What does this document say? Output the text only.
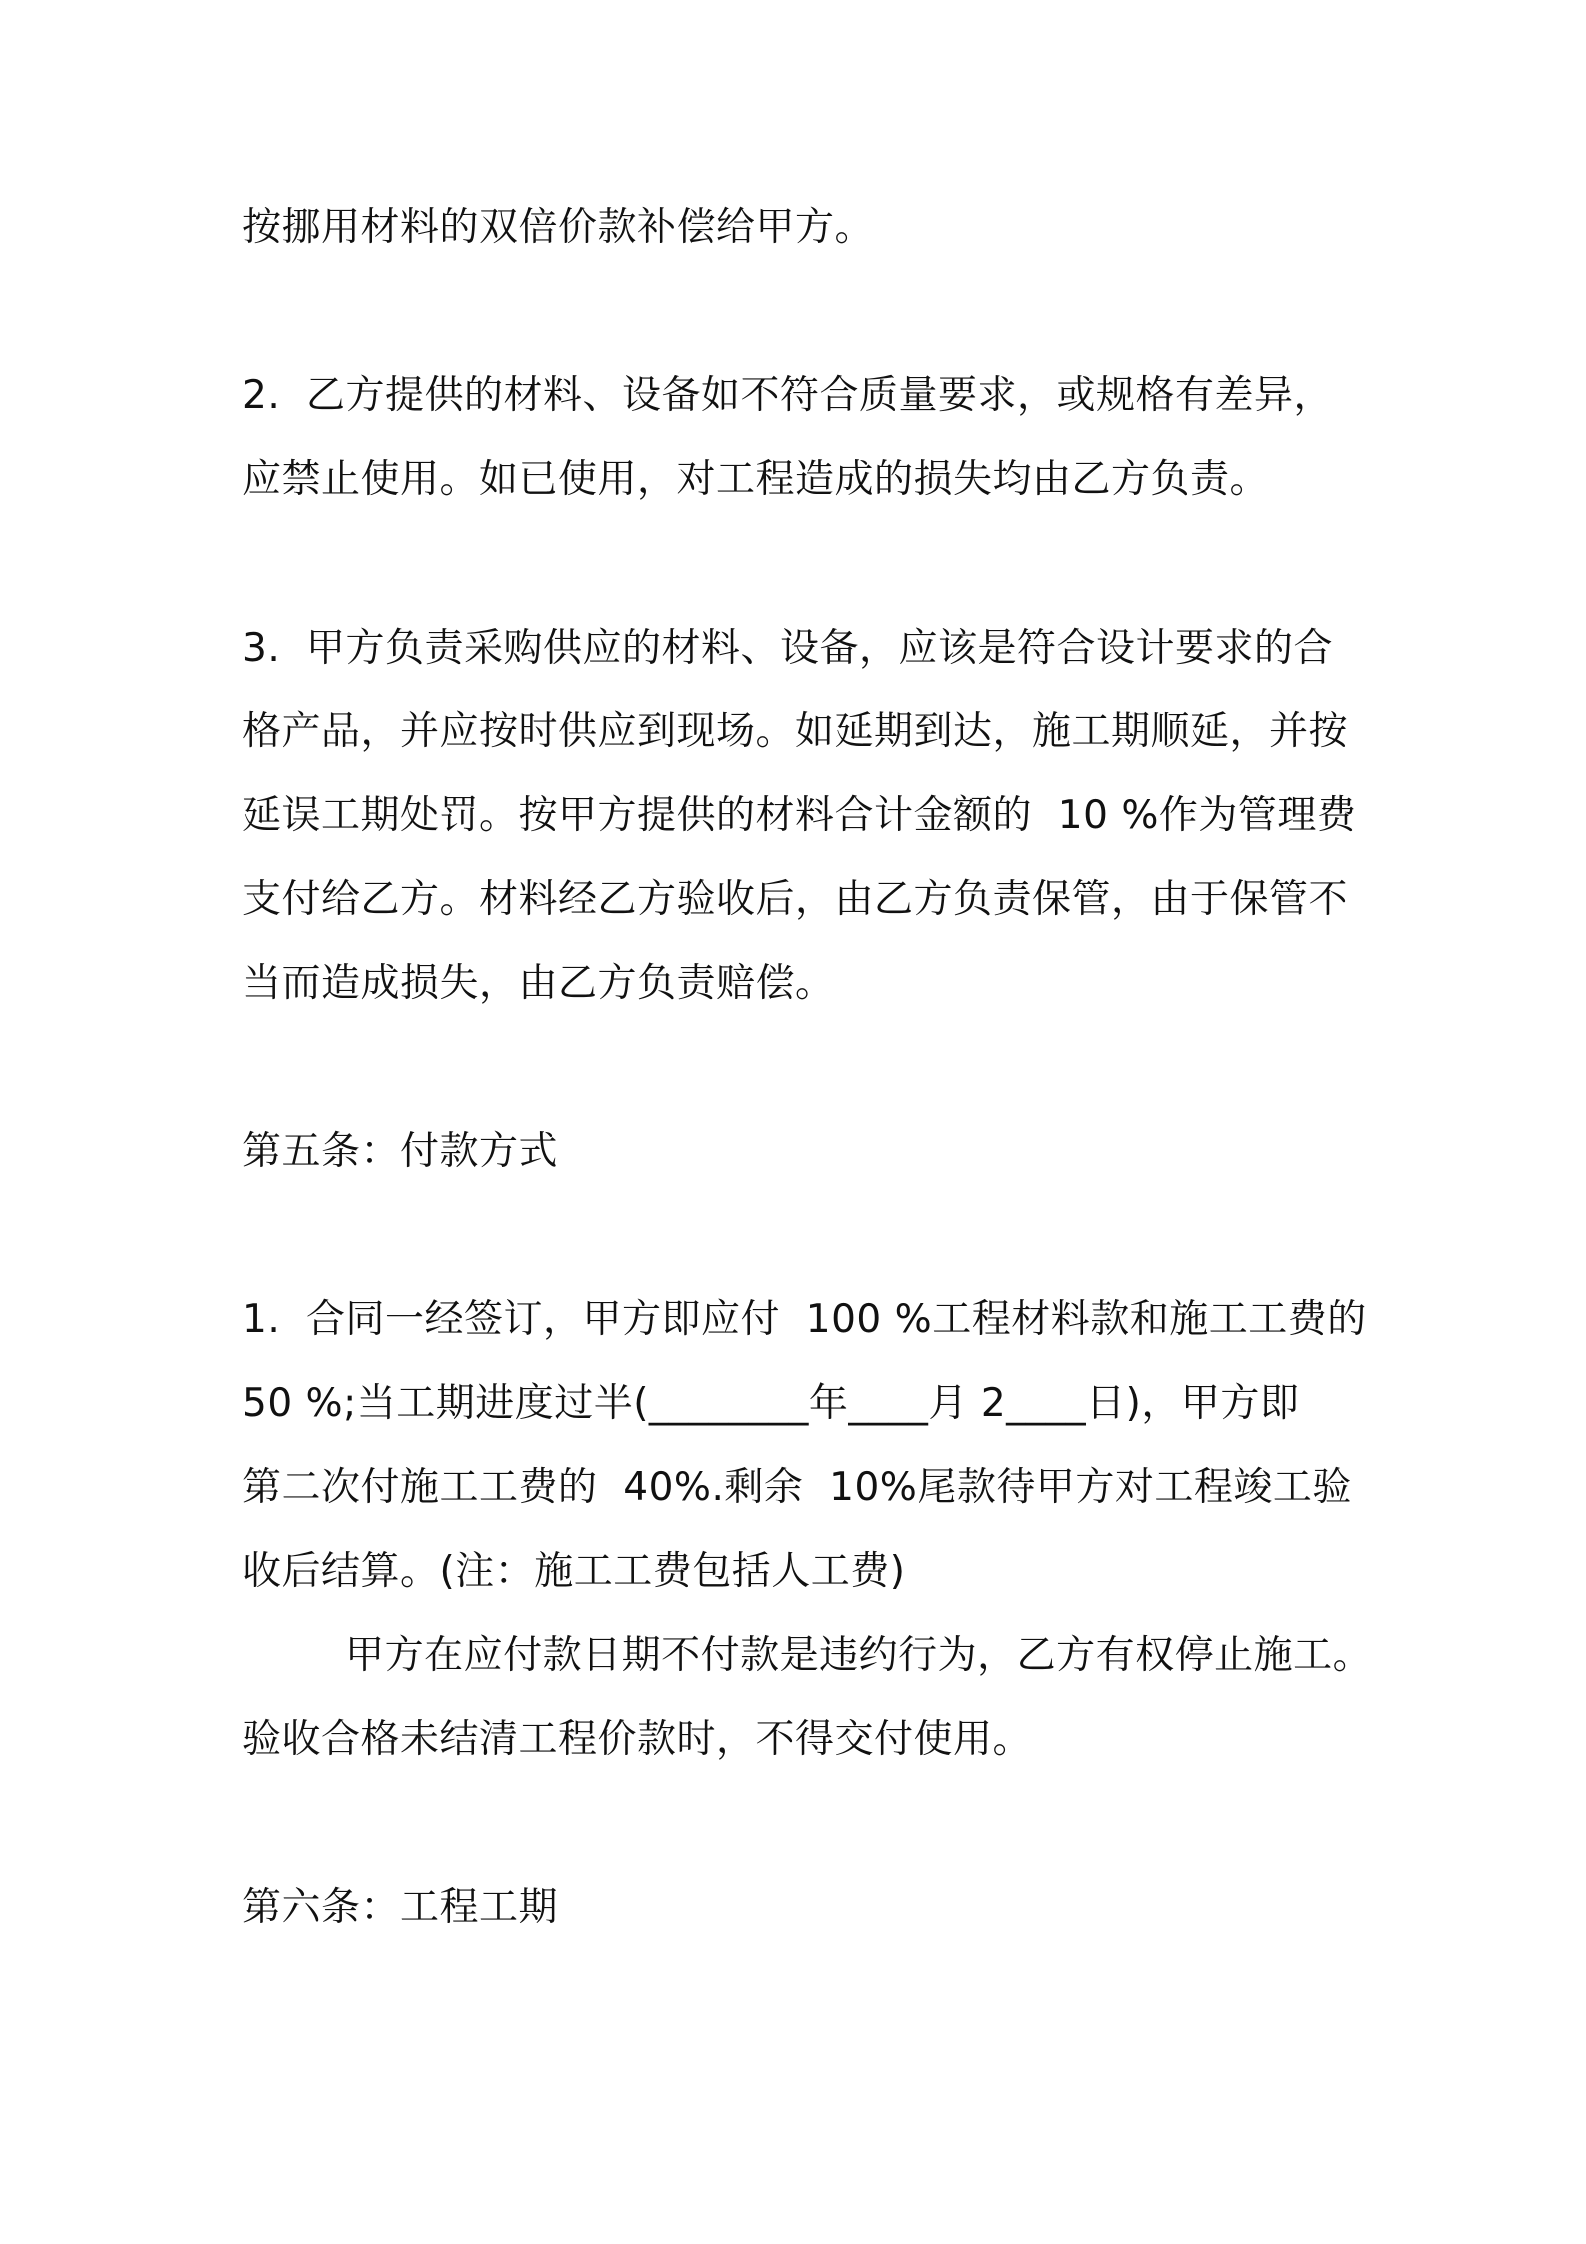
按挪用材料的双倍价款补偿给甲方。
2.  乙方提供的材料、设备如不符合质量要求，或规格有差异，
应禁止使用。如已使用，对工程造成的损失均由乙方负责。
3.  甲方负责采购供应的材料、设备，应该是符合设计要求的合
格产品，并应按时供应到现场。如延期到达，施工期顺延，并按
延误工期处罚。按甲方提供的材料合计金额的  10 %作为管理费
支付给乙方。材料经乙方验收后，由乙方负责保管，由于保管不
当而造成损失，由乙方负责赔偿。
第五条：付款方式
1.  合同一经签订，甲方即应付  100 %工程材料款和施工工费的
50 %;当工期进度过半(________年____月 2____日)，甲方即
第二次付施工工费的  40%.剩余  10%尾款待甲方对工程竣工验
收后结算。(注：施工工费包括人工费)
甲方在应付款日期不付款是违约行为，乙方有权停止施工。
验收合格未结清工程价款时，不得交付使用。
第六条：工程工期
